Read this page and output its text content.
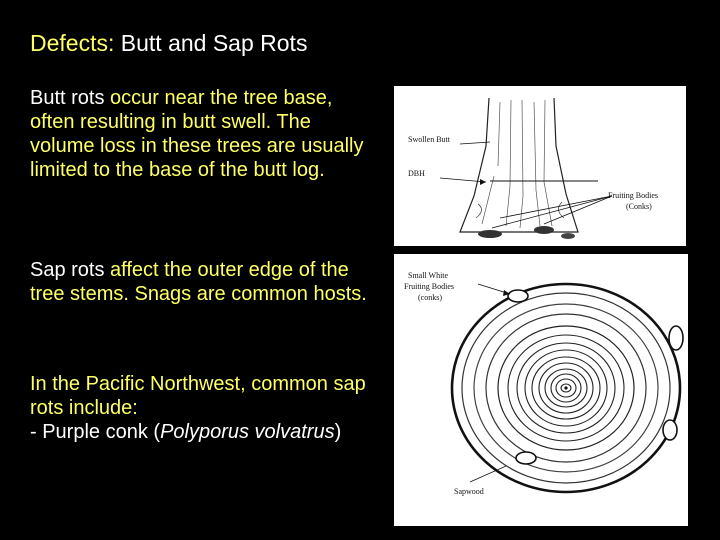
Defects: Butt and Sap Rots

Butt rots occur near the tree base, often resulting in butt swell. The volume loss in these trees are usually limited to the base of the butt log.

Sap rots affect the outer edge of the tree stems. Snags are common hosts.

In the Pacific Northwest, common sap rots include:
- Purple conk (Polyporus volvatrus)

Swollen Butt
DBH
Fruiting Bodies
(Conks)
Small White
Fruiting Bodies
(conks)
Sapwood
